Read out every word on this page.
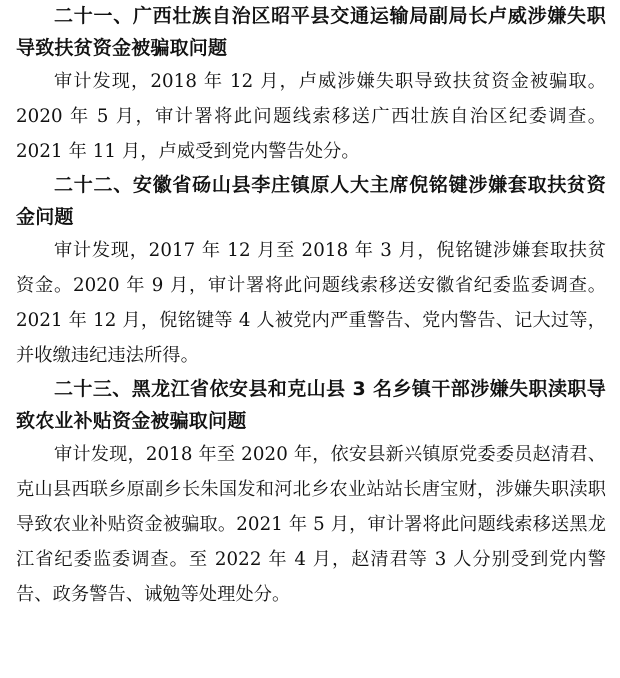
二十一、广西壮族自治区昭平县交通运输局副局长卢威涉嫌失职导致扶贫资金被骗取问题

审计发现，2018 年 12 月，卢威涉嫌失职导致扶贫资金被骗取。2020 年 5 月，审计署将此问题线索移送广西壮族自治区纪委调查。2021 年 11 月，卢威受到党内警告处分。

二十二、安徽省砀山县李庄镇原人大主席倪铭键涉嫌套取扶贫资金问题

审计发现，2017 年 12 月至 2018 年 3 月，倪铭键涉嫌套取扶贫资金。2020 年 9 月，审计署将此问题线索移送安徽省纪委监委调查。2021 年 12 月，倪铭键等 4 人被党内严重警告、党内警告、记大过等，并收缴违纪违法所得。

二十三、黑龙江省依安县和克山县 3 名乡镇干部涉嫌失职渎职导致农业补贴资金被骗取问题

审计发现，2018 年至 2020 年，依安县新兴镇原党委委员赵清君、克山县西联乡原副乡长朱国发和河北乡农业站站长唐宝财，涉嫌失职渎职导致农业补贴资金被骗取。2021 年 5 月，审计署将此问题线索移送黑龙江省纪委监委调查。至 2022 年 4 月，赵清君等 3 人分别受到党内警告、政务警告、诫勉等处理处分。
